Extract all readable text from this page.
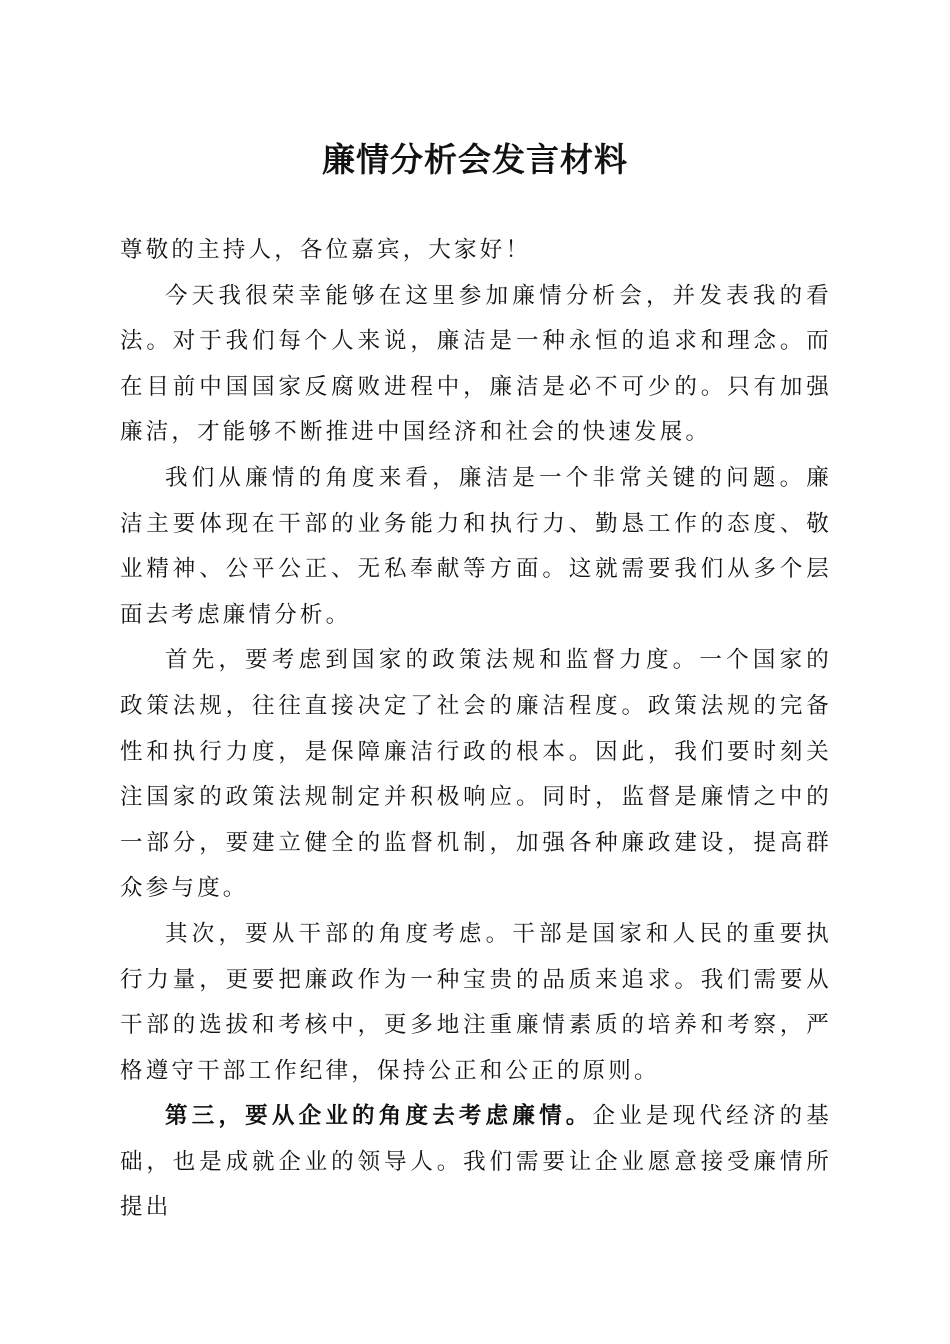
廉情分析会发言材料

尊敬的主持人，各位嘉宾，大家好！

今天我很荣幸能够在这里参加廉情分析会，并发表我的看法。对于我们每个人来说，廉洁是一种永恒的追求和理念。而在目前中国国家反腐败进程中，廉洁是必不可少的。只有加强廉洁，才能够不断推进中国经济和社会的快速发展。

我们从廉情的角度来看，廉洁是一个非常关键的问题。廉洁主要体现在干部的业务能力和执行力、勤恳工作的态度、敬业精神、公平公正、无私奉献等方面。这就需要我们从多个层面去考虑廉情分析。

首先，要考虑到国家的政策法规和监督力度。一个国家的政策法规，往往直接决定了社会的廉洁程度。政策法规的完备性和执行力度，是保障廉洁行政的根本。因此，我们要时刻关注国家的政策法规制定并积极响应。同时，监督是廉情之中的一部分，要建立健全的监督机制，加强各种廉政建设，提高群众参与度。

其次，要从干部的角度考虑。干部是国家和人民的重要执行力量，更要把廉政作为一种宝贵的品质来追求。我们需要从干部的选拔和考核中，更多地注重廉情素质的培养和考察，严格遵守干部工作纪律，保持公正和公正的原则。

第三，要从企业的角度去考虑廉情。企业是现代经济的基础，也是成就企业的领导人。我们需要让企业愿意接受廉情所提出
